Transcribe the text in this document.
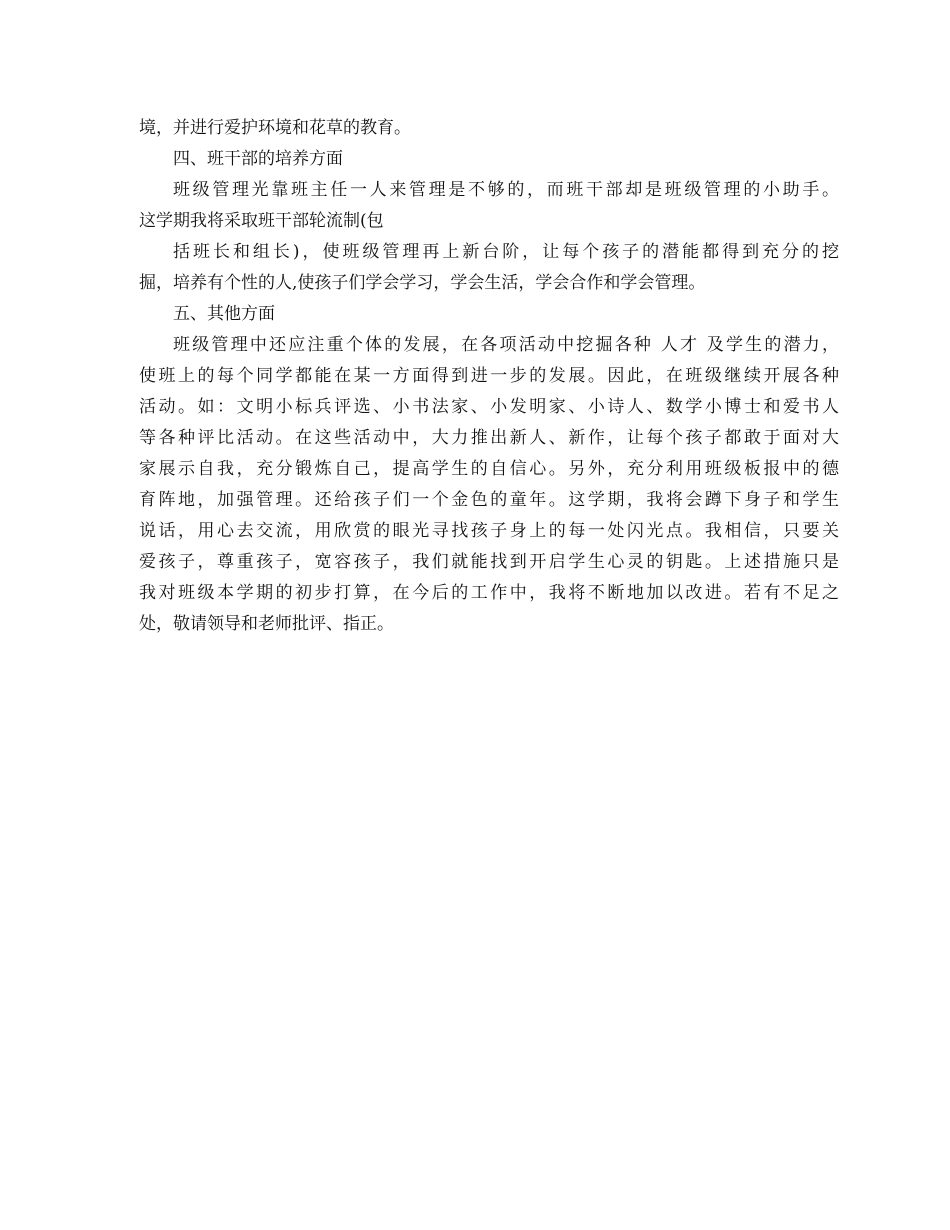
境，并进行爱护环境和花草的教育。
四、班干部的培养方面
班级管理光靠班主任一人来管理是不够的，而班干部却是班级管理的小助手。
这学期我将采取班干部轮流制(包
括班长和组长)，使班级管理再上新台阶，让每个孩子的潜能都得到充分的挖
掘，培养有个性的人,使孩子们学会学习，学会生活，学会合作和学会管理。
五、其他方面
班级管理中还应注重个体的发展，在各项活动中挖掘各种 人才 及学生的潜力，
使班上的每个同学都能在某一方面得到进一步的发展。因此，在班级继续开展各种
活动。如：文明小标兵评选、小书法家、小发明家、小诗人、数学小博士和爱书人
等各种评比活动。在这些活动中，大力推出新人、新作，让每个孩子都敢于面对大
家展示自我，充分锻炼自己，提高学生的自信心。另外，充分利用班级板报中的德
育阵地，加强管理。还给孩子们一个金色的童年。这学期，我将会蹲下身子和学生
说话，用心去交流，用欣赏的眼光寻找孩子身上的每一处闪光点。我相信，只要关
爱孩子，尊重孩子，宽容孩子，我们就能找到开启学生心灵的钥匙。上述措施只是
我对班级本学期的初步打算，在今后的工作中，我将不断地加以改进。若有不足之
处，敬请领导和老师批评、指正。
